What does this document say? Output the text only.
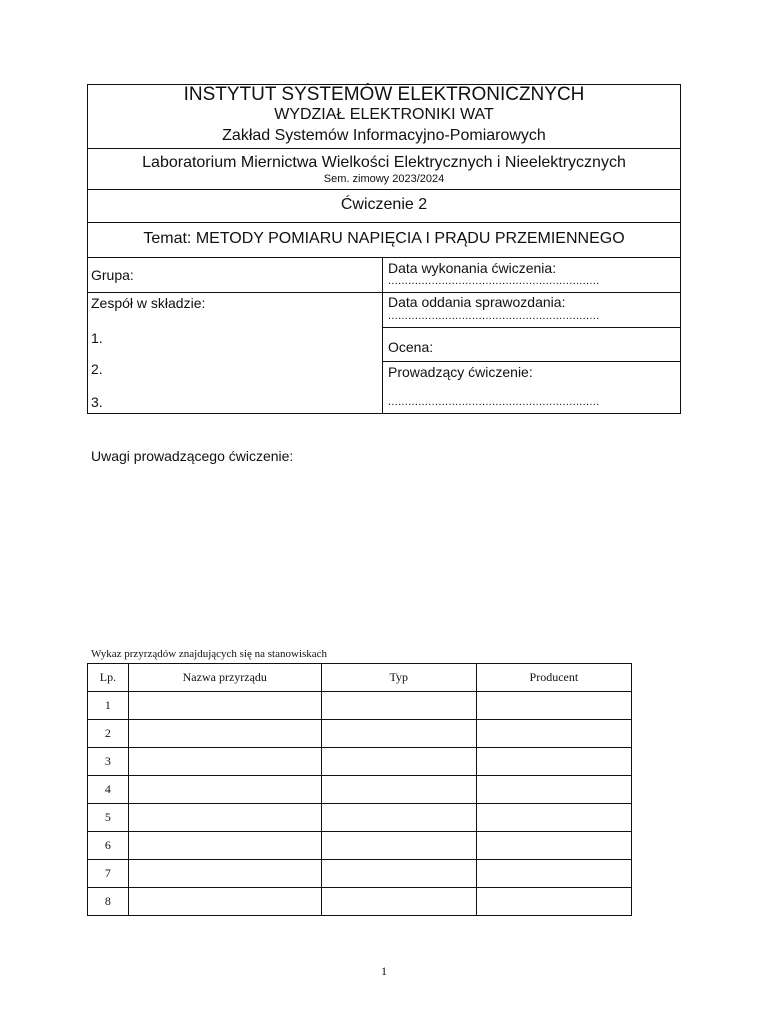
INSTYTUT SYSTEMÓW ELEKTRONICZNYCH
WYDZIAŁ ELEKTRONIKI WAT
Zakład Systemów Informacyjno-Pomiarowych
Laboratorium Miernictwa Wielkości Elektrycznych i Nieelektrycznych
Sem. zimowy 2023/2024
Ćwiczenie 2
Temat: METODY POMIARU NAPIĘCIA I PRĄDU PRZEMIENNEGO
Grupa:
Zespół w składzie:
1.
2.
3.
Data wykonania ćwiczenia:
...............................................................
Data oddania sprawozdania:
...............................................................
Ocena:
Prowadzący ćwiczenie:
...............................................................
Uwagi prowadzącego ćwiczenie:
Wykaz przyrządów znajdujących się na stanowiskach
Lp.	Nazwa przyrządu	Typ	Producent
1			
2			
3			
4			
5			
6			
7			
8			
1
